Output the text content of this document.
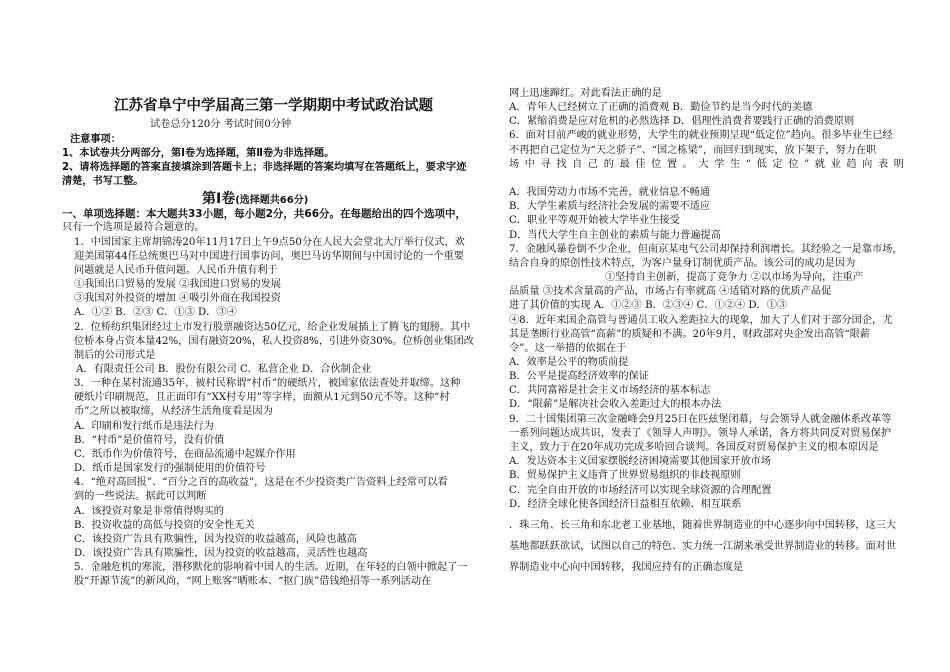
江苏省阜宁中学届高三第一学期期中考试政治试题
试卷总分120分 考试时间0分钟
注意事项：
1、本试卷共分两部分，第Ⅰ卷为选择题，第Ⅱ卷为非选择题。
2、请将选择题的答案直接填涂到答题卡上；非选择题的答案均填写在答题纸上，要求字迹
清楚，书写工整。
第Ⅰ卷(选择题共66分)
一、单项选择题：本大题共33小题，每小题2分，共66分。在每题给出的四个选项中，
只有一个选项是最符合题意的。
1．中国国家主席胡锦涛20年11月17日上午9点50分在人民大会堂北大厅举行仪式，欢
迎美国第44任总统奥巴马对中国进行国事访问，奥巴马访华期间与中国讨论的一个重要
问题就是人民币升值问题。人民币升值有利于
①我国出口贸易的发展 ②我国进口贸易的发展
③我国对外投资的增加 ④吸引外商在我国投资
A．①② B．②③ C．①③ D．③④
2．位桥纺织集团经过上市发行股票融资达50亿元，给企业发展插上了腾飞的翅膀。其中
位桥本身占资本量42%，国有融资20%，私人投资8%，引进外资30%。位桥创业集团改
制后的公司形式是
A．有限责任公司 B．股份有限公司 C．私营企业 D．合伙制企业
3．一种在某村流通35年，被村民称谓“村币”的硬纸片，被国家依法查处并取缔。这种
硬纸片印刷规范，且正面印有“XX村专用”等字样，面额从1元到50元不等。这种“村
币”之所以被取缔，从经济生活角度看是因为
A．印刷和发行纸币是违法行为
B．“村币”是价值符号，没有价值
C．纸币作为价值符号，在商品流通中起媒介作用
D．纸币是国家发行的强制使用的价值符号
4．“绝对高回报”、“百分之百的高收益”，这是在不少投资类广告资料上经常可以看
到的一些说法。据此可以判断
A．该投资对象是非常值得购买的
B．投资收益的高低与投资的安全性无关
C．该投资广告具有欺骗性，因为投资的收益越高，风险也越高
D．该投资广告具有欺骗性，因为投资的收益越高，灵活性也越高
5．金融危机的寒流，潜移默化的影响着中国人的生活。近期，在年轻的白领中掀起了一
股“开源节流”的新风尚，“网上账客”晒账本、“抠门族”借钱绝招等一系列活动在
网上迅速蹿红。对此看法正确的是
A．青年人已经树立了正确的消费观 B．勤俭节约是当今时代的美德
C．紧缩消费是应对危机的必然选择 D．倡理性消费者要践行正确的消费原则
6．面对目前严峻的就业形势，大学生的就业预期呈现“低定位”趋向。很多毕业生已经
不再把自己定位为“天之骄子”、“国之栋梁”，而回归到现实，放下架子，努力在职
场中寻找自己的最佳位置。大学生“低定位”就业趋向表明
A．我国劳动力市场不完善，就业信息不畅通
B．大学生素质与经济社会发展的需要不适应
C．职业平等观开始被大学毕业生接受
D．当代大学生自主创业的素质与能力普遍提高
7．金融风暴卷倒不少企业，但南京某电气公司却保持利润增长。其经验之一是靠市场，
结合自身的原创性技术特点，为客户量身订制优质产品。该公司的成功是因为
①坚持自主创新，提高了竞争力 ②以市场为导向，注重产
品质量 ③技术含量高的产品，市场占有率就高 ④适销对路的优质产品促
进了其价值的实现 A．①②③ B．②③④ C．①②④ D．①③
④8．近年来国企高管与普通员工收入差距拉大的现象，加大了人们对于部分国企，尤
其是垄断行业高管“高薪”的质疑和不满。20年9月，财政部对央企发出高管“限薪
令”。这一举措的依据在于
A．效率是公平的物质前提
B．公平是提高经济效率的保证
C．共同富裕是社会主义市场经济的基本标志
D．“限薪”是解决社会收入差距过大的根本办法
9．二十国集团第三次金融峰会9月25日在匹兹堡闭幕，与会领导人就金融体系改革等
一系列问题达成共识，发表了《领导人声明》。领导人承诺，各方将共同反对贸易保护
主义，致力于在20年成功完成多哈回合谈判。各国反对贸易保护主义的根本原因是
A．发达资本主义国家摆脱经济困境需要其他国家开放市场
B．贸易保护主义违背了世界贸易组织的非歧视原则
C．完全自由开放的市场经济可以实现全球资源的合理配置
D．经济全球化使各国经济日益相互依赖、相互联系
．珠三角、长三角和东北老工业基地，随着世界制造业的中心逐步向中国转移，这三大
基地都跃跃欲试，试图以自己的特色、实力统一江湖来承受世界制造业的转移。面对世
界制造业中心向中国转移，我国应持有的正确态度是
